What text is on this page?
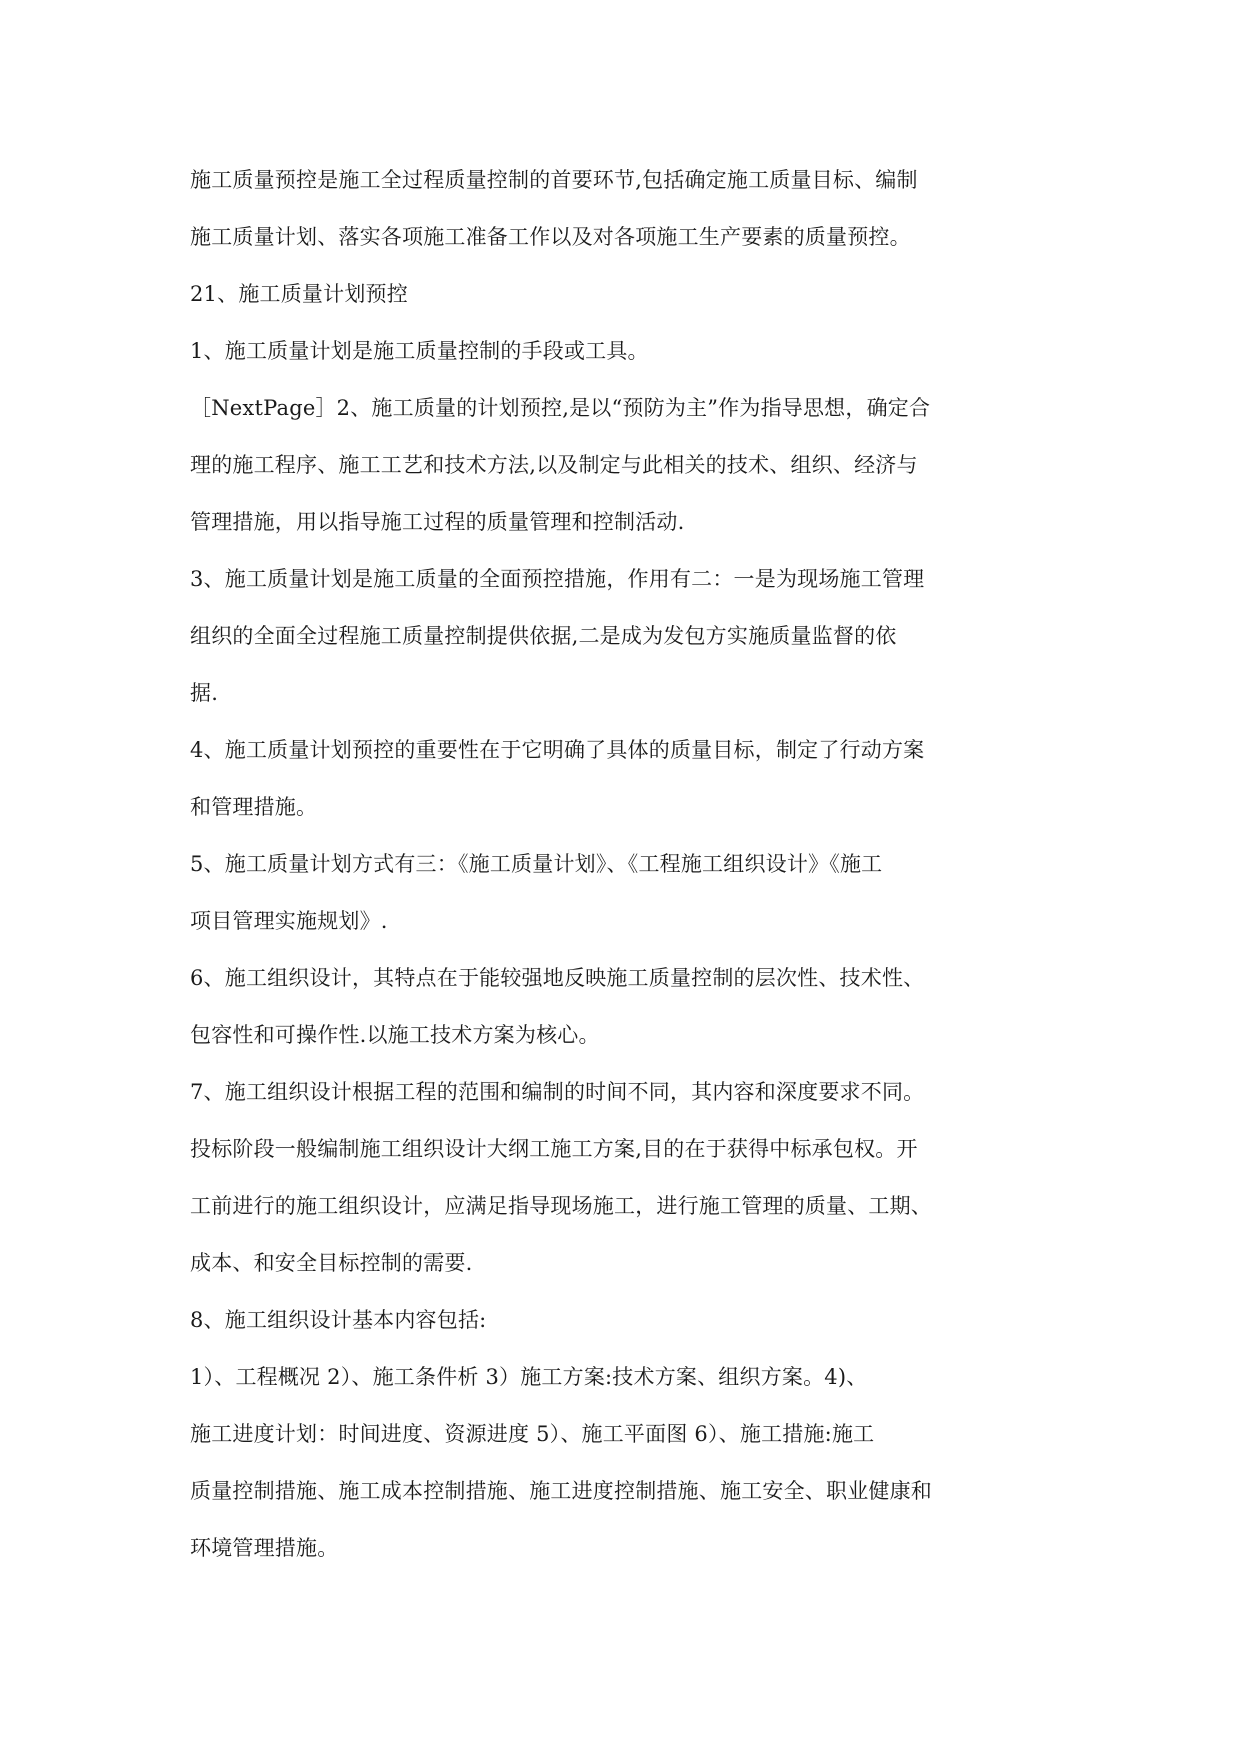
施工质量预控是施工全过程质量控制的首要环节,包括确定施工质量目标、编制
施工质量计划、落实各项施工准备工作以及对各项施工生产要素的质量预控。
21、施工质量计划预控
1、施工质量计划是施工质量控制的手段或工具。
［NextPage］2、施工质量的计划预控,是以“预防为主”作为指导思想，确定合
理的施工程序、施工工艺和技术方法,以及制定与此相关的技术、组织、经济与
管理措施，用以指导施工过程的质量管理和控制活动.
3、施工质量计划是施工质量的全面预控措施，作用有二：一是为现场施工管理
组织的全面全过程施工质量控制提供依据,二是成为发包方实施质量监督的依
据.
4、施工质量计划预控的重要性在于它明确了具体的质量目标，制定了行动方案
和管理措施。
5、施工质量计划方式有三：《施工质量计划》、《工程施工组织设计》《施工
项目管理实施规划》.
6、施工组织设计，其特点在于能较强地反映施工质量控制的层次性、技术性、
包容性和可操作性.以施工技术方案为核心。
7、施工组织设计根据工程的范围和编制的时间不同，其内容和深度要求不同。
投标阶段一般编制施工组织设计大纲工施工方案,目的在于获得中标承包权。开
工前进行的施工组织设计，应满足指导现场施工，进行施工管理的质量、工期、
成本、和安全目标控制的需要.
8、施工组织设计基本内容包括:
1）、工程概况 2）、施工条件析 3）施工方案:技术方案、组织方案。4)、
施工进度计划：时间进度、资源进度 5）、施工平面图 6）、施工措施:施工
质量控制措施、施工成本控制措施、施工进度控制措施、施工安全、职业健康和
环境管理措施。
